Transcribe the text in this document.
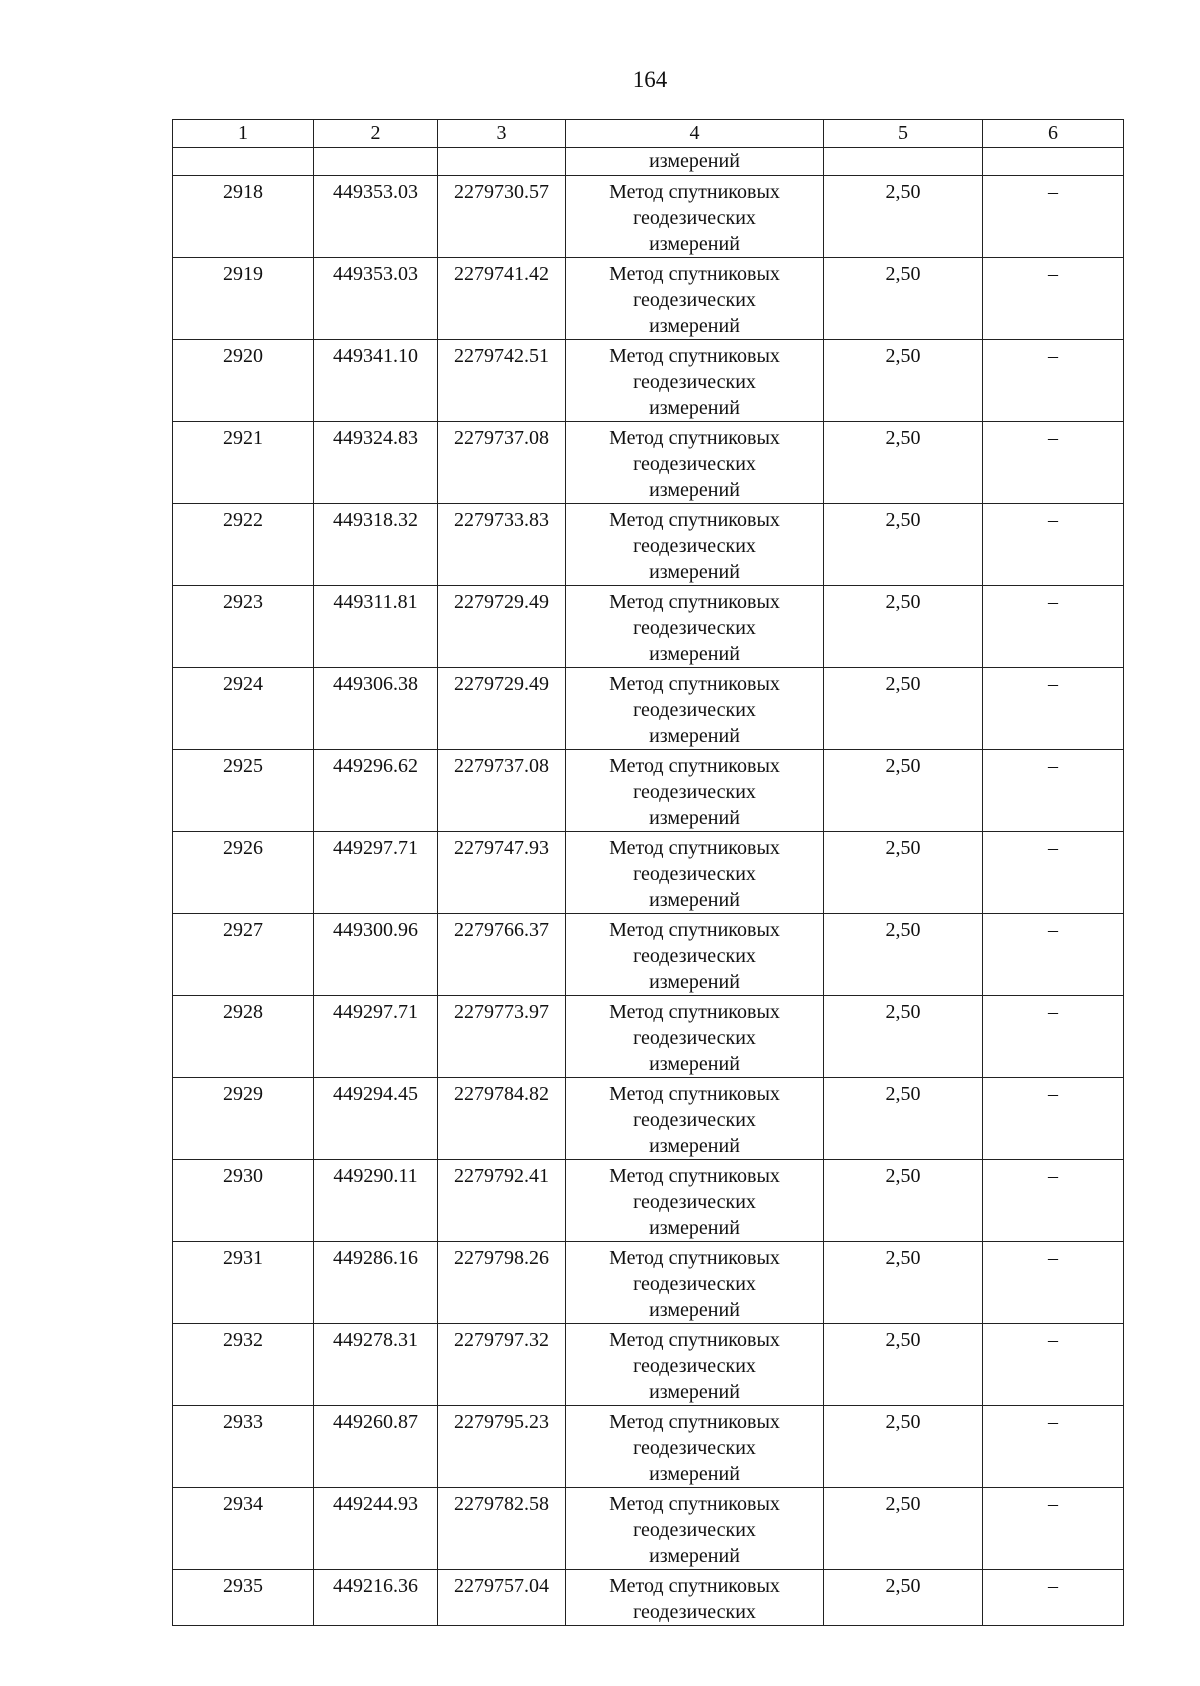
164
1	2	3	4	5	6
			измерений		
2918	449353.03	2279730.57	Метод спутниковых
геодезических
измерений	2,50	–
2919	449353.03	2279741.42	Метод спутниковых
геодезических
измерений	2,50	–
2920	449341.10	2279742.51	Метод спутниковых
геодезических
измерений	2,50	–
2921	449324.83	2279737.08	Метод спутниковых
геодезических
измерений	2,50	–
2922	449318.32	2279733.83	Метод спутниковых
геодезических
измерений	2,50	–
2923	449311.81	2279729.49	Метод спутниковых
геодезических
измерений	2,50	–
2924	449306.38	2279729.49	Метод спутниковых
геодезических
измерений	2,50	–
2925	449296.62	2279737.08	Метод спутниковых
геодезических
измерений	2,50	–
2926	449297.71	2279747.93	Метод спутниковых
геодезических
измерений	2,50	–
2927	449300.96	2279766.37	Метод спутниковых
геодезических
измерений	2,50	–
2928	449297.71	2279773.97	Метод спутниковых
геодезических
измерений	2,50	–
2929	449294.45	2279784.82	Метод спутниковых
геодезических
измерений	2,50	–
2930	449290.11	2279792.41	Метод спутниковых
геодезических
измерений	2,50	–
2931	449286.16	2279798.26	Метод спутниковых
геодезических
измерений	2,50	–
2932	449278.31	2279797.32	Метод спутниковых
геодезических
измерений	2,50	–
2933	449260.87	2279795.23	Метод спутниковых
геодезических
измерений	2,50	–
2934	449244.93	2279782.58	Метод спутниковых
геодезических
измерений	2,50	–
2935	449216.36	2279757.04	Метод спутниковых
геодезических	2,50	–
